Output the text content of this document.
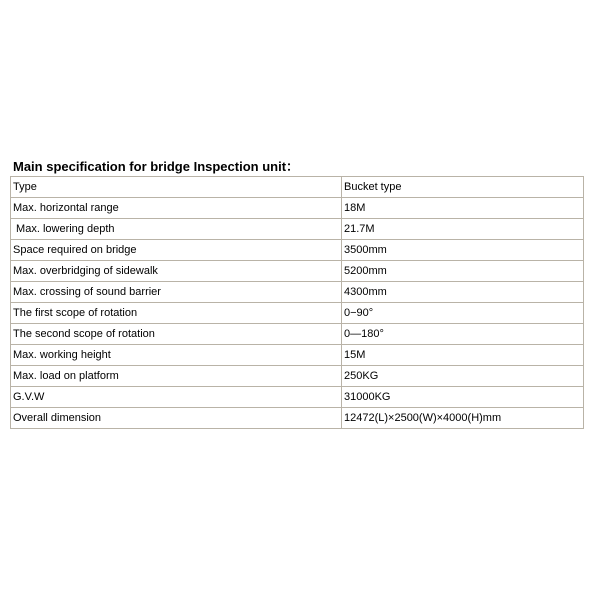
Main specification for bridge Inspection unit：
Type	Bucket type
Max. horizontal range	18M
Max. lowering depth	21.7M
Space required on bridge	3500mm
Max. overbridging of sidewalk	5200mm
Max. crossing of sound barrier	4300mm
The first scope of rotation	0−90°
The second scope of rotation	0—180°
Max. working height	15M
Max. load on platform	250KG
G.V.W	31000KG
Overall dimension	12472(L)×2500(W)×4000(H)mm
